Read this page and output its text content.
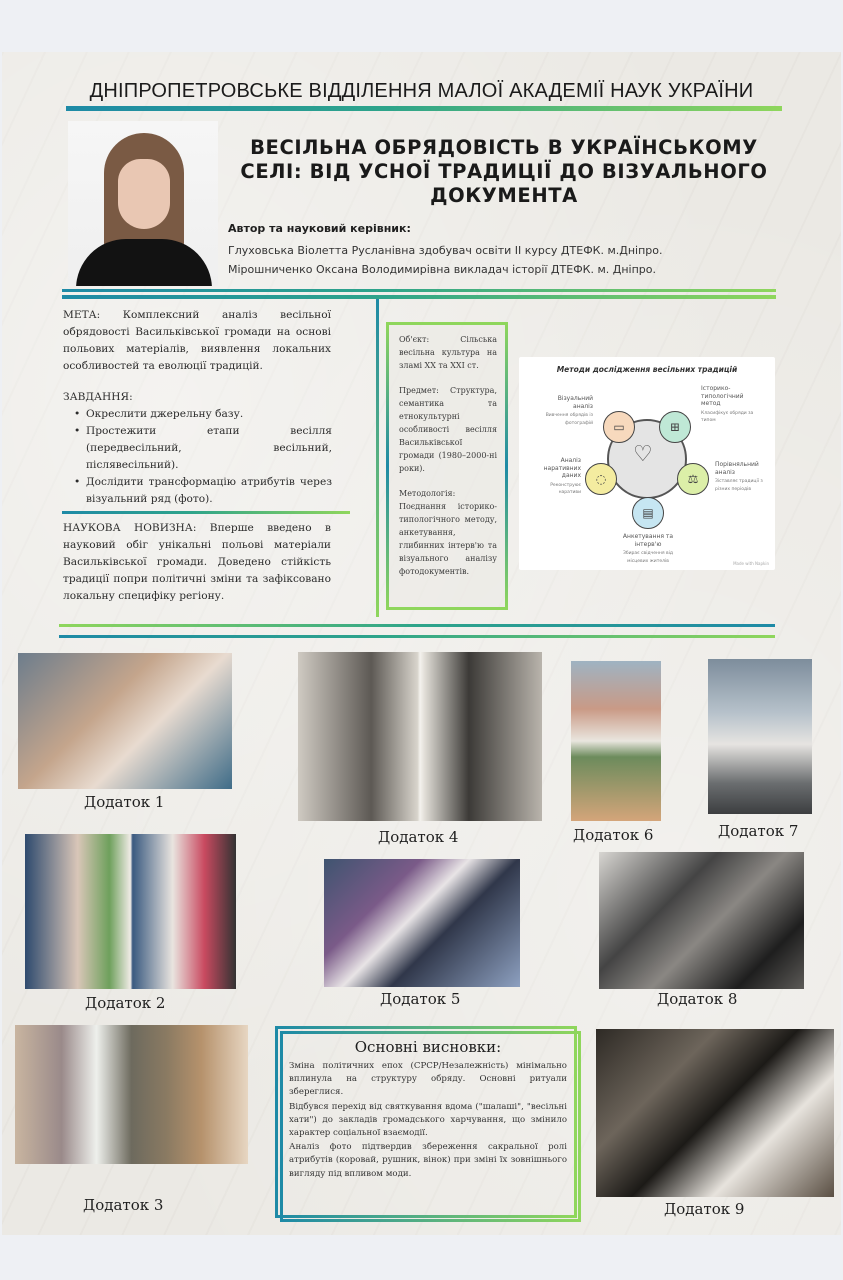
ДНІПРОПЕТРОВСЬКЕ ВІДДІЛЕННЯ МАЛОЇ АКАДЕМІЇ НАУК УКРАЇНИ
ВЕСІЛЬНА ОБРЯДОВІСТЬ В УКРАЇНСЬКОМУ
СЕЛІ: ВІД УСНОЇ ТРАДИЦІЇ ДО ВІЗУАЛЬНОГО
ДОКУМЕНТА
Автор та науковий керівник:
Глуховська Віолетта Русланівна здобувач освіти II курсу ДТЕФК. м.Дніпро.
Мірошниченко Оксана Володимирівна викладач історії ДТЕФК. м. Дніпро.
МЕТА: Комплексний аналіз весільної обрядовості Васильківської громади на основі польових матеріалів, виявлення локальних особливостей та еволюції традицій.
ЗАВДАННЯ:
• Окреслити джерельну базу.
• Простежити етапи весілля (передвесільний, весільний, післявесільний).
• Дослідити трансформацію атрибутів через візуальний ряд (фото).
НАУКОВА НОВИЗНА: Вперше введено в науковий обіг унікальні польові матеріали Васильківської громади. Доведено стійкість традиції попри політичні зміни та зафіксовано локальну специфіку регіону.

Об'єкт: Сільська весільна культура на зламі XX та XXI ст.

Предмет: Структура, семантика та етнокультурні особливості весілля Васильківської громади (1980–2000-ні роки).

Методологія:

Поєднання історико-типологічного методу, анкетування, глибинних інтерв'ю та візуального аналізу фотодокументів.

Методи дослідження весільних традицій
♡
▭	⊞
⚖
▤
◌
Візуальний аналіз
Вивчення обрядів із фотографій
Історико-типологічний метод
Класифікує обряди за типом
Порівняльний аналіз
Зіставляє традиції з різних періодів
Анкетування та інтерв'ю
Збирає свідчення від місцевих жителів
Аналіз наративних даних
Реконструює наративи
Made with Napkin
Додаток 1
Додаток 4	Додаток 6	Додаток 7
Додаток 2	Додаток 5	Додаток 8
Додаток 3	Додаток 9
Основні висновки:

Зміна політичних епох (СРСР/Незалежність) мінімально вплинула на структуру обряду. Основні ритуали збереглися.

Відбувся перехід від святкування вдома ("шалаші", "весільні хати") до закладів громадського харчування, що змінило характер соціальної взаємодії.

Аналіз фото підтвердив збереження сакральної ролі атрибутів (коровай, рушник, вінок) при зміні їх зовнішнього вигляду під впливом моди.
